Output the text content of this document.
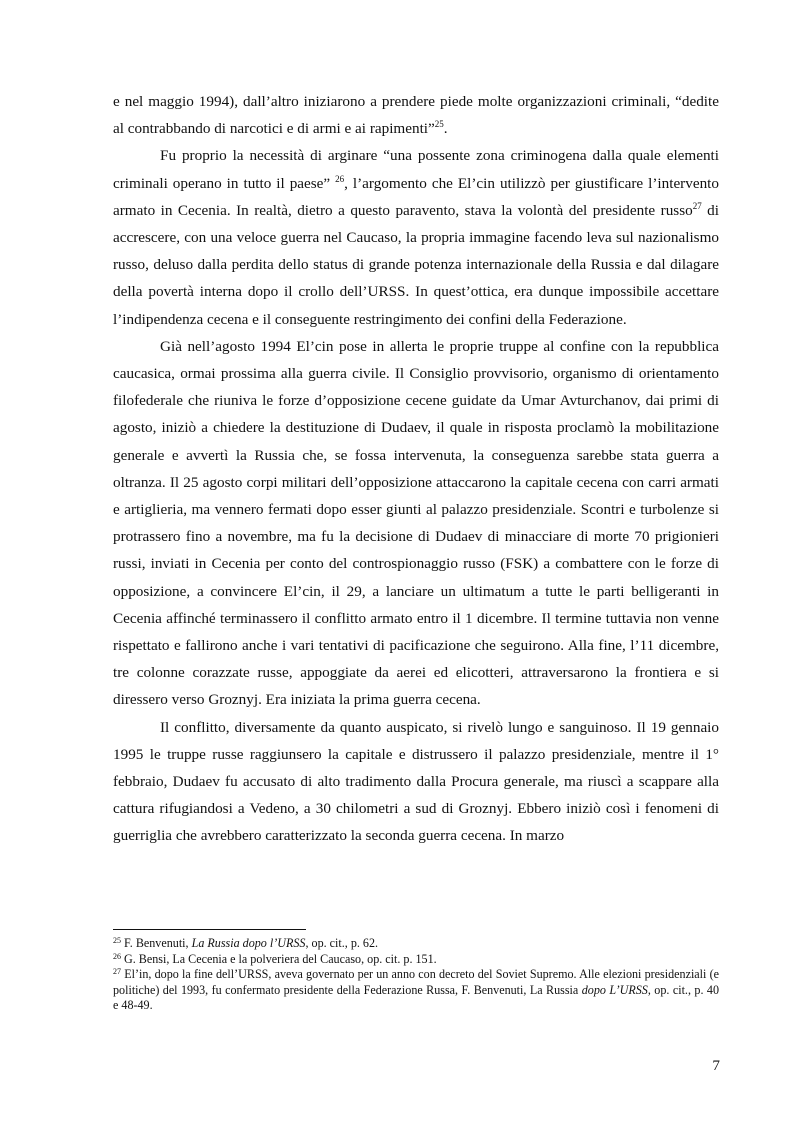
e nel maggio 1994), dall’altro iniziarono a prendere piede molte organizzazioni criminali, “dedite al contrabbando di narcotici e di armi e ai rapimenti”$^{25}$.

Fu proprio la necessità di arginare “una possente zona criminogena dalla quale elementi criminali operano in tutto il paese” $^{26}$, l’argomento che El’cin utilizzò per giustificare l’intervento armato in Cecenia. In realtà, dietro a questo paravento, stava la volontà del presidente russo$^{27}$ di accrescere, con una veloce guerra nel Caucaso, la propria immagine facendo leva sul nazionalismo russo, deluso dalla perdita dello status di grande potenza internazionale della Russia e dal dilagare della povertà interna dopo il crollo dell’URSS. In quest’ottica, era dunque impossibile accettare l’indipendenza cecena e il conseguente restringimento dei confini della Federazione.

Già nell’agosto 1994 El’cin pose in allerta le proprie truppe al confine con la repubblica caucasica, ormai prossima alla guerra civile. Il Consiglio provvisorio, organismo di orientamento filofederale che riuniva le forze d’opposizione cecene guidate da Umar Avturchanov, dai primi di agosto, iniziò a chiedere la destituzione di Dudaev, il quale in risposta proclamò la mobilitazione generale e avvertì la Russia che, se fossa intervenuta, la conseguenza sarebbe stata guerra a oltranza. Il 25 agosto corpi militari dell’opposizione attaccarono la capitale cecena con carri armati e artiglieria, ma vennero fermati dopo esser giunti al palazzo presidenziale. Scontri e turbolenze si protrassero fino a novembre, ma fu la decisione di Dudaev di minacciare di morte 70 prigionieri russi, inviati in Cecenia per conto del controspionaggio russo (FSK) a combattere con le forze di opposizione, a convincere El’cin, il 29, a lanciare un ultimatum a tutte le parti belligeranti in Cecenia affinché terminassero il conflitto armato entro il 1 dicembre. Il termine tuttavia non venne rispettato e fallirono anche i vari tentativi di pacificazione che seguirono. Alla fine, l’11 dicembre, tre colonne corazzate russe, appoggiate da aerei ed elicotteri, attraversarono la frontiera e si diressero verso Groznyj. Era iniziata la prima guerra cecena.

Il conflitto, diversamente da quanto auspicato, si rivelò lungo e sanguinoso. Il 19 gennaio 1995 le truppe russe raggiunsero la capitale e distrussero il palazzo presidenziale, mentre il 1° febbraio, Dudaev fu accusato di alto tradimento dalla Procura generale, ma riuscì a scappare alla cattura rifugiandosi a Vedeno, a 30 chilometri a sud di Groznyj. Ebbero iniziò così i fenomeni di guerriglia che avrebbero caratterizzato la seconda guerra cecena. In marzo

$^{25}$ F. Benvenuti, La Russia dopo l’URSS, op. cit., p. 62.

$^{26}$ G. Bensi, La Cecenia e la polveriera del Caucaso, op. cit. p. 151.

$^{27}$ El’in, dopo la fine dell’URSS, aveva governato per un anno con decreto del Soviet Supremo. Alle elezioni presidenziali (e politiche) del 1993, fu confermato presidente della Federazione Russa, F. Benvenuti, La Russia dopo L’URSS, op. cit., p. 40 e 48-49.

7
